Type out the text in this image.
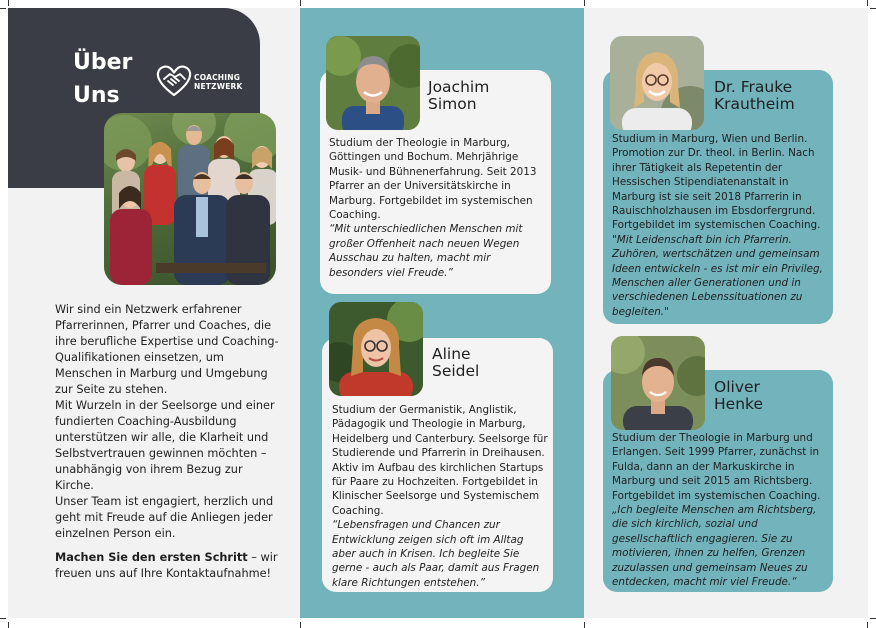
Über
Uns
COACHING
NETZWERK

Wir sind ein Netzwerk erfahrener Pfarrerinnen, Pfarrer und Coaches, die ihre berufliche Expertise und Coaching-Qualifikationen einsetzen, um Menschen in Marburg und Umgebung zur Seite zu stehen.

Mit Wurzeln in der Seelsorge und einer fundierten Coaching-Ausbildung unterstützen wir alle, die Klarheit und Selbstvertrauen gewinnen möchten – unabhängig von ihrem Bezug zur Kirche.

Unser Team ist engagiert, herzlich und geht mit Freude auf die Anliegen jeder einzelnen Person ein.

Machen Sie den ersten Schritt – wir freuen uns auf Ihre Kontaktaufnahme!
Joachim
Simon
Studium der Theologie in Marburg, Göttingen und Bochum. Mehrjährige Musik- und Bühnenerfahrung. Seit 2013 Pfarrer an der Universitätskirche in Marburg. Fortgebildet im systemischen Coaching.
“Mit unterschiedlichen Menschen mit großer Offenheit nach neuen Wegen Ausschau zu halten, macht mir besonders viel Freude.”
Aline
Seidel
Studium der Germanistik, Anglistik, Pädagogik und Theologie in Marburg, Heidelberg und Canterbury. Seelsorge für Studierende und Pfarrerin in Dreihausen. Aktiv im Aufbau des kirchlichen Startups für Paare zu Hochzeiten. Fortgebildet in Klinischer Seelsorge und Systemischem Coaching.
“Lebensfragen und Chancen zur Entwicklung zeigen sich oft im Alltag aber auch in Krisen. Ich begleite Sie gerne - auch als Paar, damit aus Fragen klare Richtungen entstehen.”
Dr. Frauke
Krautheim
Studium in Marburg, Wien und Berlin. Promotion zur Dr. theol. in Berlin. Nach ihrer Tätigkeit als Repetentin der Hessischen Stipendiatenanstalt in Marburg ist sie seit 2018 Pfarrerin in Rauischholzhausen im Ebsdorfergrund. Fortgebildet im systemischen Coaching.
"Mit Leidenschaft bin ich Pfarrerin. Zuhören, wertschätzen und gemeinsam Ideen entwickeln - es ist mir ein Privileg, Menschen aller Generationen und in verschiedenen Lebenssituationen zu begleiten."
Oliver
Henke
Studium der Theologie in Marburg und Erlangen. Seit 1999 Pfarrer, zunächst in Fulda, dann an der Markuskirche in Marburg und seit 2015 am Richtsberg. Fortgebildet im systemischen Coaching.
„Ich begleite Menschen am Richtsberg, die sich kirchlich, sozial und gesellschaftlich engagieren. Sie zu motivieren, ihnen zu helfen, Grenzen zuzulassen und gemeinsam Neues zu entdecken, macht mir viel Freude.“
